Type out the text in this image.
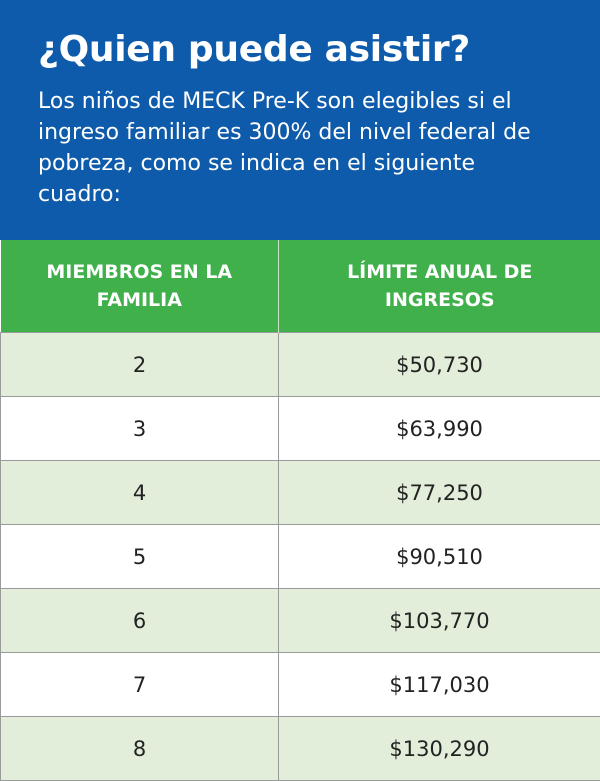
¿Quien puede asistir?

Los niños de MECK Pre-K son elegibles si el ingreso familiar es 300% del nivel federal de pobreza, como se indica en el siguiente cuadro:

MIEMBROS EN LA FAMILIA	LÍMITE ANUAL DE INGRESOS
2	$50,730
3	$63,990
4	$77,250
5	$90,510
6	$103,770
7	$117,030
8	$130,290
